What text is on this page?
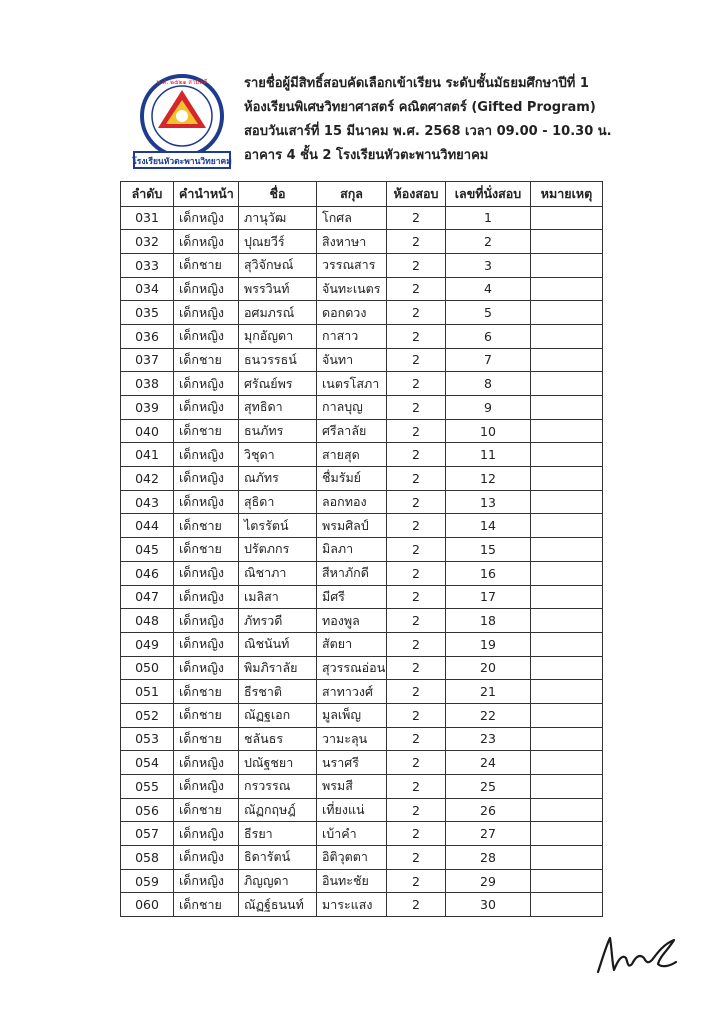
พ.ศ. ๒๕๒๑ สามัคคี
โรงเรียนหัวตะพานวิทยาคม
รายชื่อผู้มีสิทธิ์สอบคัดเลือกเข้าเรียน ระดับชั้นมัธยมศึกษาปีที่ 1
ห้องเรียนพิเศษวิทยาศาสตร์ คณิตศาสตร์ (Gifted Program)
สอบวันเสาร์ที่ 15 มีนาคม พ.ศ. 2568 เวลา 09.00 - 10.30 น.
อาคาร 4 ชั้น 2 โรงเรียนหัวตะพานวิทยาคม
ลำดับ	คำนำหน้า	ชื่อ	สกุล	ห้องสอบ	เลขที่นั่งสอบ	หมายเหตุ
031	เด็กหญิง	ภานุวัฒ	โกศล	2	1	
032	เด็กหญิง	ปุณยวีร์	สิงหาษา	2	2	
033	เด็กชาย	สุวิจักษณ์	วรรณสาร	2	3	
034	เด็กหญิง	พรรวินท์	จันทะเนตร	2	4	
035	เด็กหญิง	อศมภรณ์	ดอกดวง	2	5	
036	เด็กหญิง	มุกอัญดา	กาสาว	2	6	
037	เด็กชาย	ธนวรรธน์	จันทา	2	7	
038	เด็กหญิง	ศรัณย์พร	เนตรโสภา	2	8	
039	เด็กหญิง	สุทธิดา	กาลบุญ	2	9	
040	เด็กชาย	ธนภัทร	ศรีลาลัย	2	10	
041	เด็กหญิง	วิชุดา	สายสุด	2	11	
042	เด็กหญิง	ณภัทร	ชื่มรัมย์	2	12	
043	เด็กหญิง	สุธิดา	ลอกทอง	2	13	
044	เด็กชาย	ไตรรัตน์	พรมศิลป์	2	14	
045	เด็กชาย	ปรัตภกร	มิลภา	2	15	
046	เด็กหญิง	ณิชาภา	สีหาภักดี	2	16	
047	เด็กหญิง	เมลิสา	มีศรี	2	17	
048	เด็กหญิง	ภัทรวดี	ทองพูล	2	18	
049	เด็กหญิง	ณิชนันท์	สัตยา	2	19	
050	เด็กหญิง	พิมภิราลัย	สุวรรณอ่อน	2	20	
051	เด็กชาย	ธีรชาติ	สาทาวงศ์	2	21	
052	เด็กชาย	ณัฏฐเอก	มูลเพ็ญ	2	22	
053	เด็กชาย	ชลันธร	วามะลุน	2	23	
054	เด็กหญิง	ปณัฐชยา	นราศรี	2	24	
055	เด็กหญิง	กรวรรณ	พรมสี	2	25	
056	เด็กชาย	ณัฏกฤษฎ์	เที่ยงแน่	2	26	
057	เด็กหญิง	ธีรยา	เบ้าคำ	2	27	
058	เด็กหญิง	ธิดารัตน์	อิติวุตตา	2	28	
059	เด็กหญิง	ภิญญดา	อินทะชัย	2	29	
060	เด็กชาย	ณัฏฐ์ธนนท์	มาระแสง	2	30	
